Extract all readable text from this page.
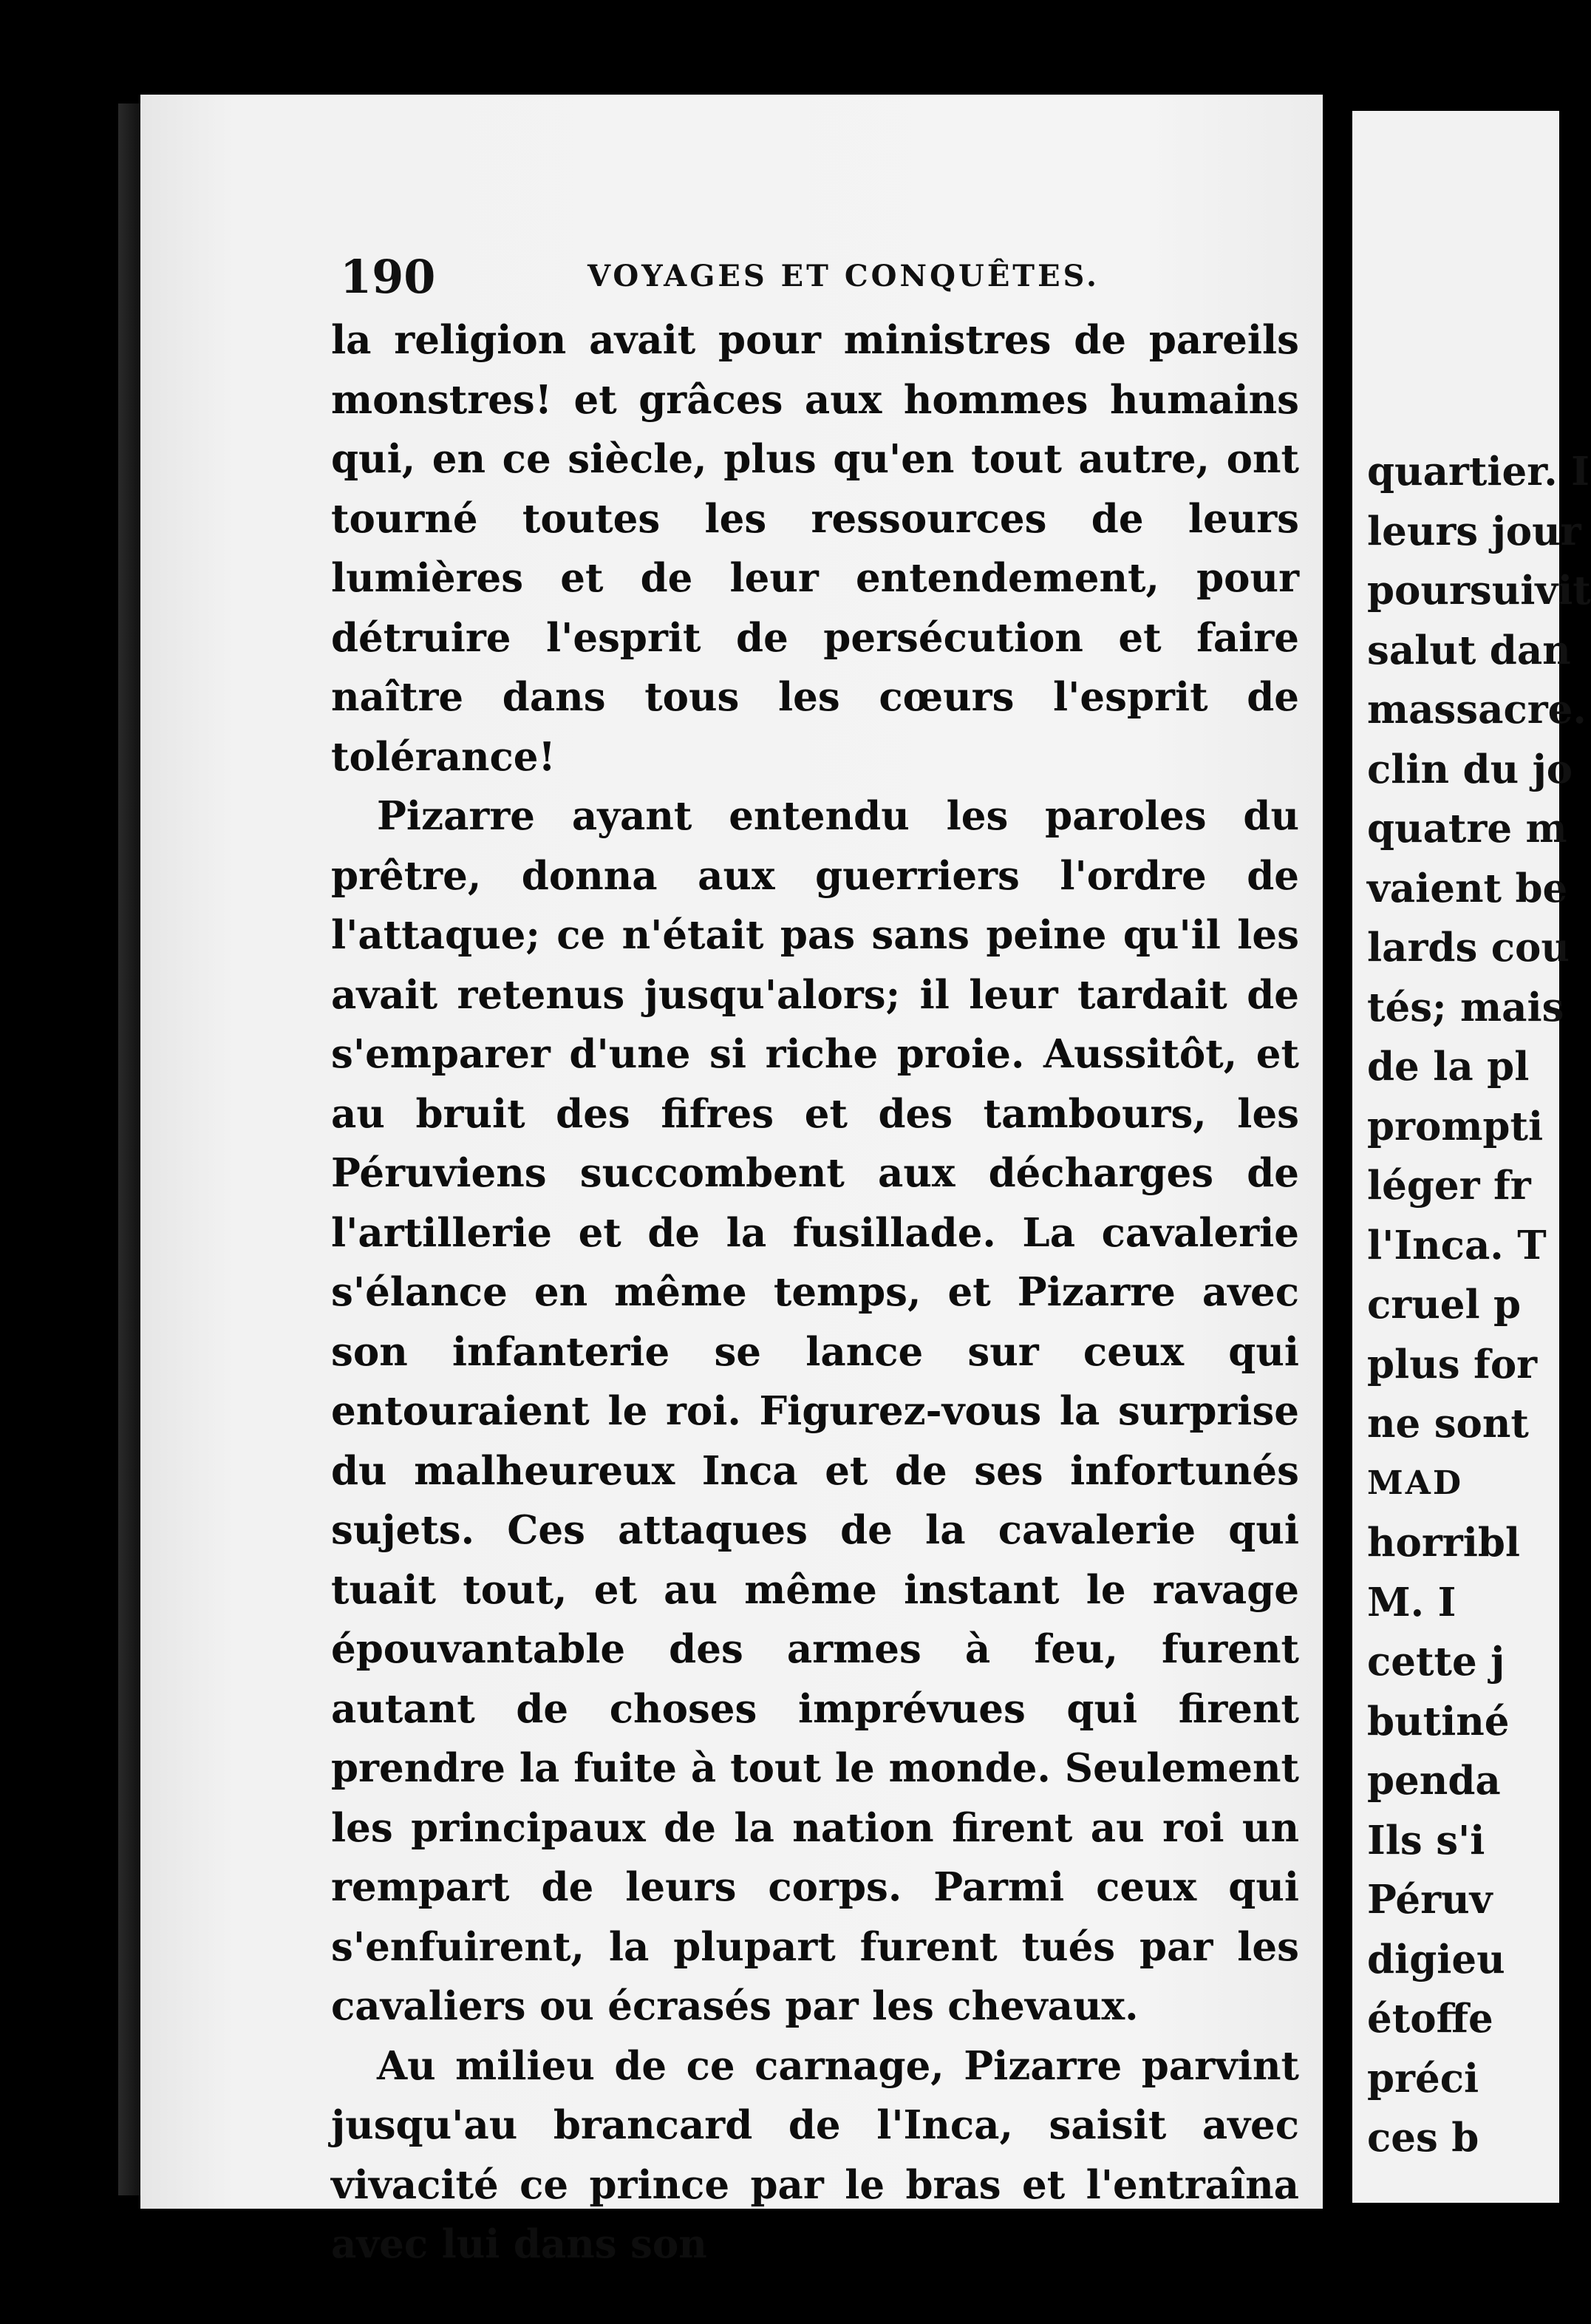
190	VOYAGES ET CONQUÊTES.

la religion avait pour ministres de pareils monstres! et grâces aux hommes humains qui, en ce siècle, plus qu'en tout autre, ont tourné toutes les ressources de leurs lumières et de leur entendement, pour détruire l'esprit de persécution et faire naître dans tous les cœurs l'esprit de tolérance!

Pizarre ayant entendu les paroles du prêtre, donna aux guerriers l'ordre de l'attaque; ce n'était pas sans peine qu'il les avait retenus jusqu'alors; il leur tardait de s'emparer d'une si riche proie. Aussitôt, et au bruit des fifres et des tambours, les Péruviens succombent aux décharges de l'artillerie et de la fusillade. La cavalerie s'élance en même temps, et Pizarre avec son infanterie se lance sur ceux qui entouraient le roi. Figurez-vous la surprise du malheureux Inca et de ses infortunés sujets. Ces attaques de la cavalerie qui tuait tout, et au même instant le ravage épouvantable des armes à feu, furent autant de choses imprévues qui firent prendre la fuite à tout le monde. Seulement les principaux de la nation firent au roi un rempart de leurs corps. Parmi ceux qui s'enfuirent, la plupart furent tués par les cavaliers ou écrasés par les chevaux.

Au milieu de ce carnage, Pizarre parvint jusqu'au brancard de l'Inca, saisit avec vivacité ce prince par le bras et l'entraîna avec lui dans son

quartier. I
leurs jour
poursuivit
salut dan
massacre.
clin du jo
quatre m
vaient be
lards cou
tés; mais
de la pl
prompti
léger fr
l'Inca. T
cruel p
plus for
ne sont
MAD
horribl
M. I
cette j
butiné
penda
Ils s'i
Péruv
digieu
étoffe
préci
ces b
